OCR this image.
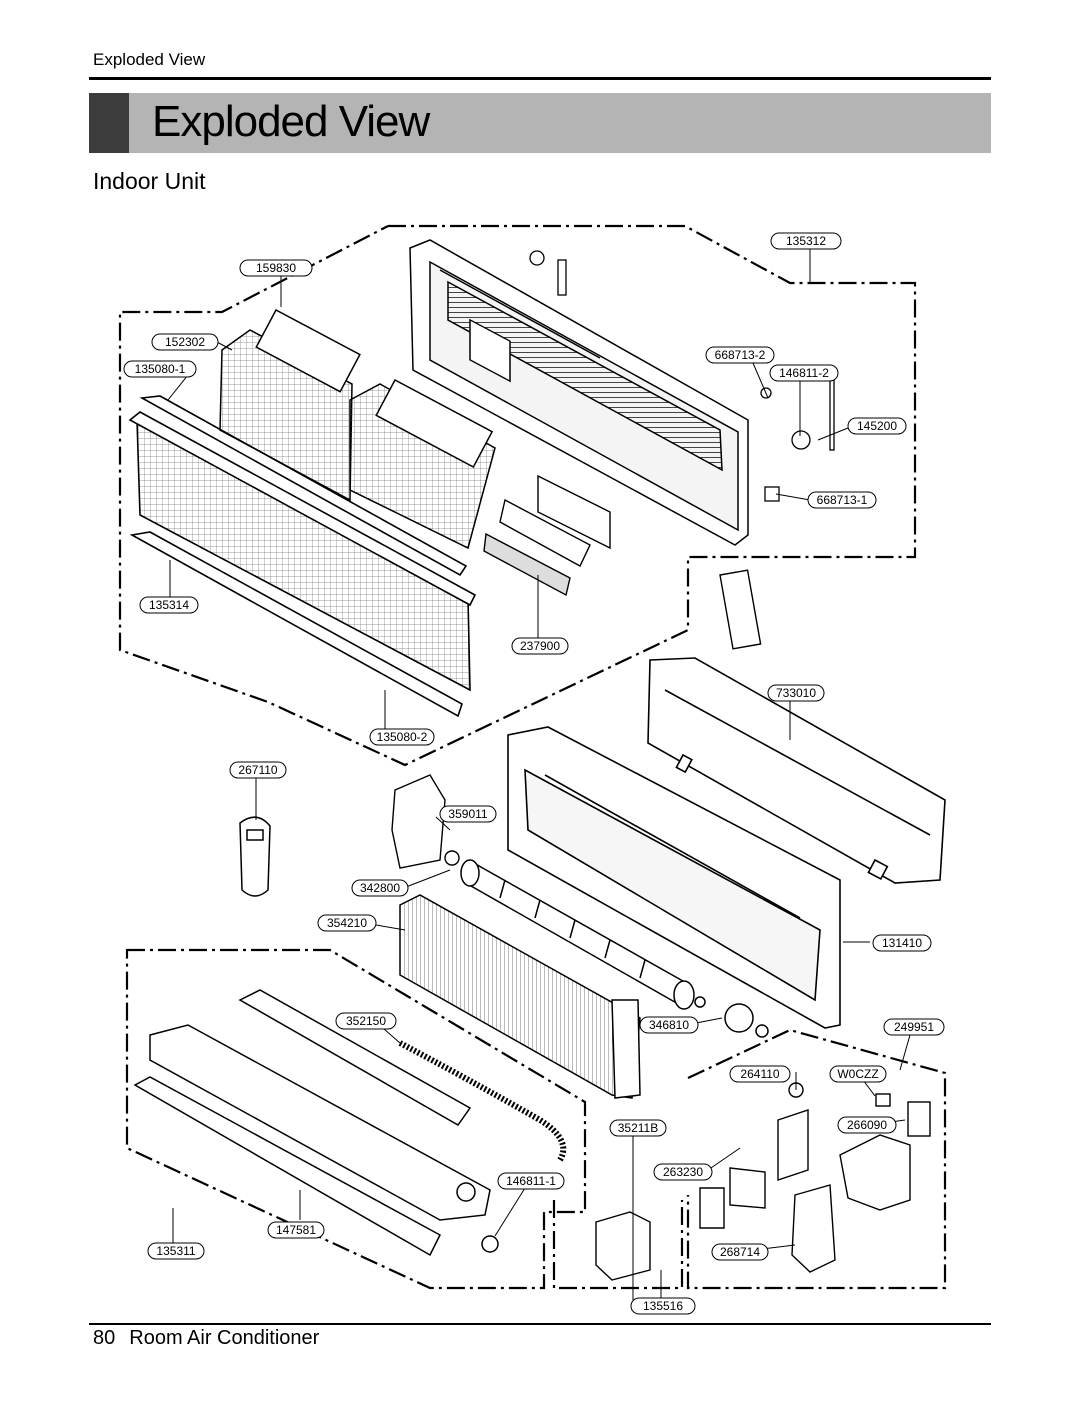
Exploded View
Exploded View
Indoor Unit
135312
159830
152302
135080-1
668713-2
146811-2
145200
668713-1
135314
237900
733010
135080-2
267110
359011
342800
354210
131410
352150	346810	249951
264110	W0CZZ
35211B	266090
263230
146811-1
147581
135311	268714
135516
80 Room Air Conditioner
